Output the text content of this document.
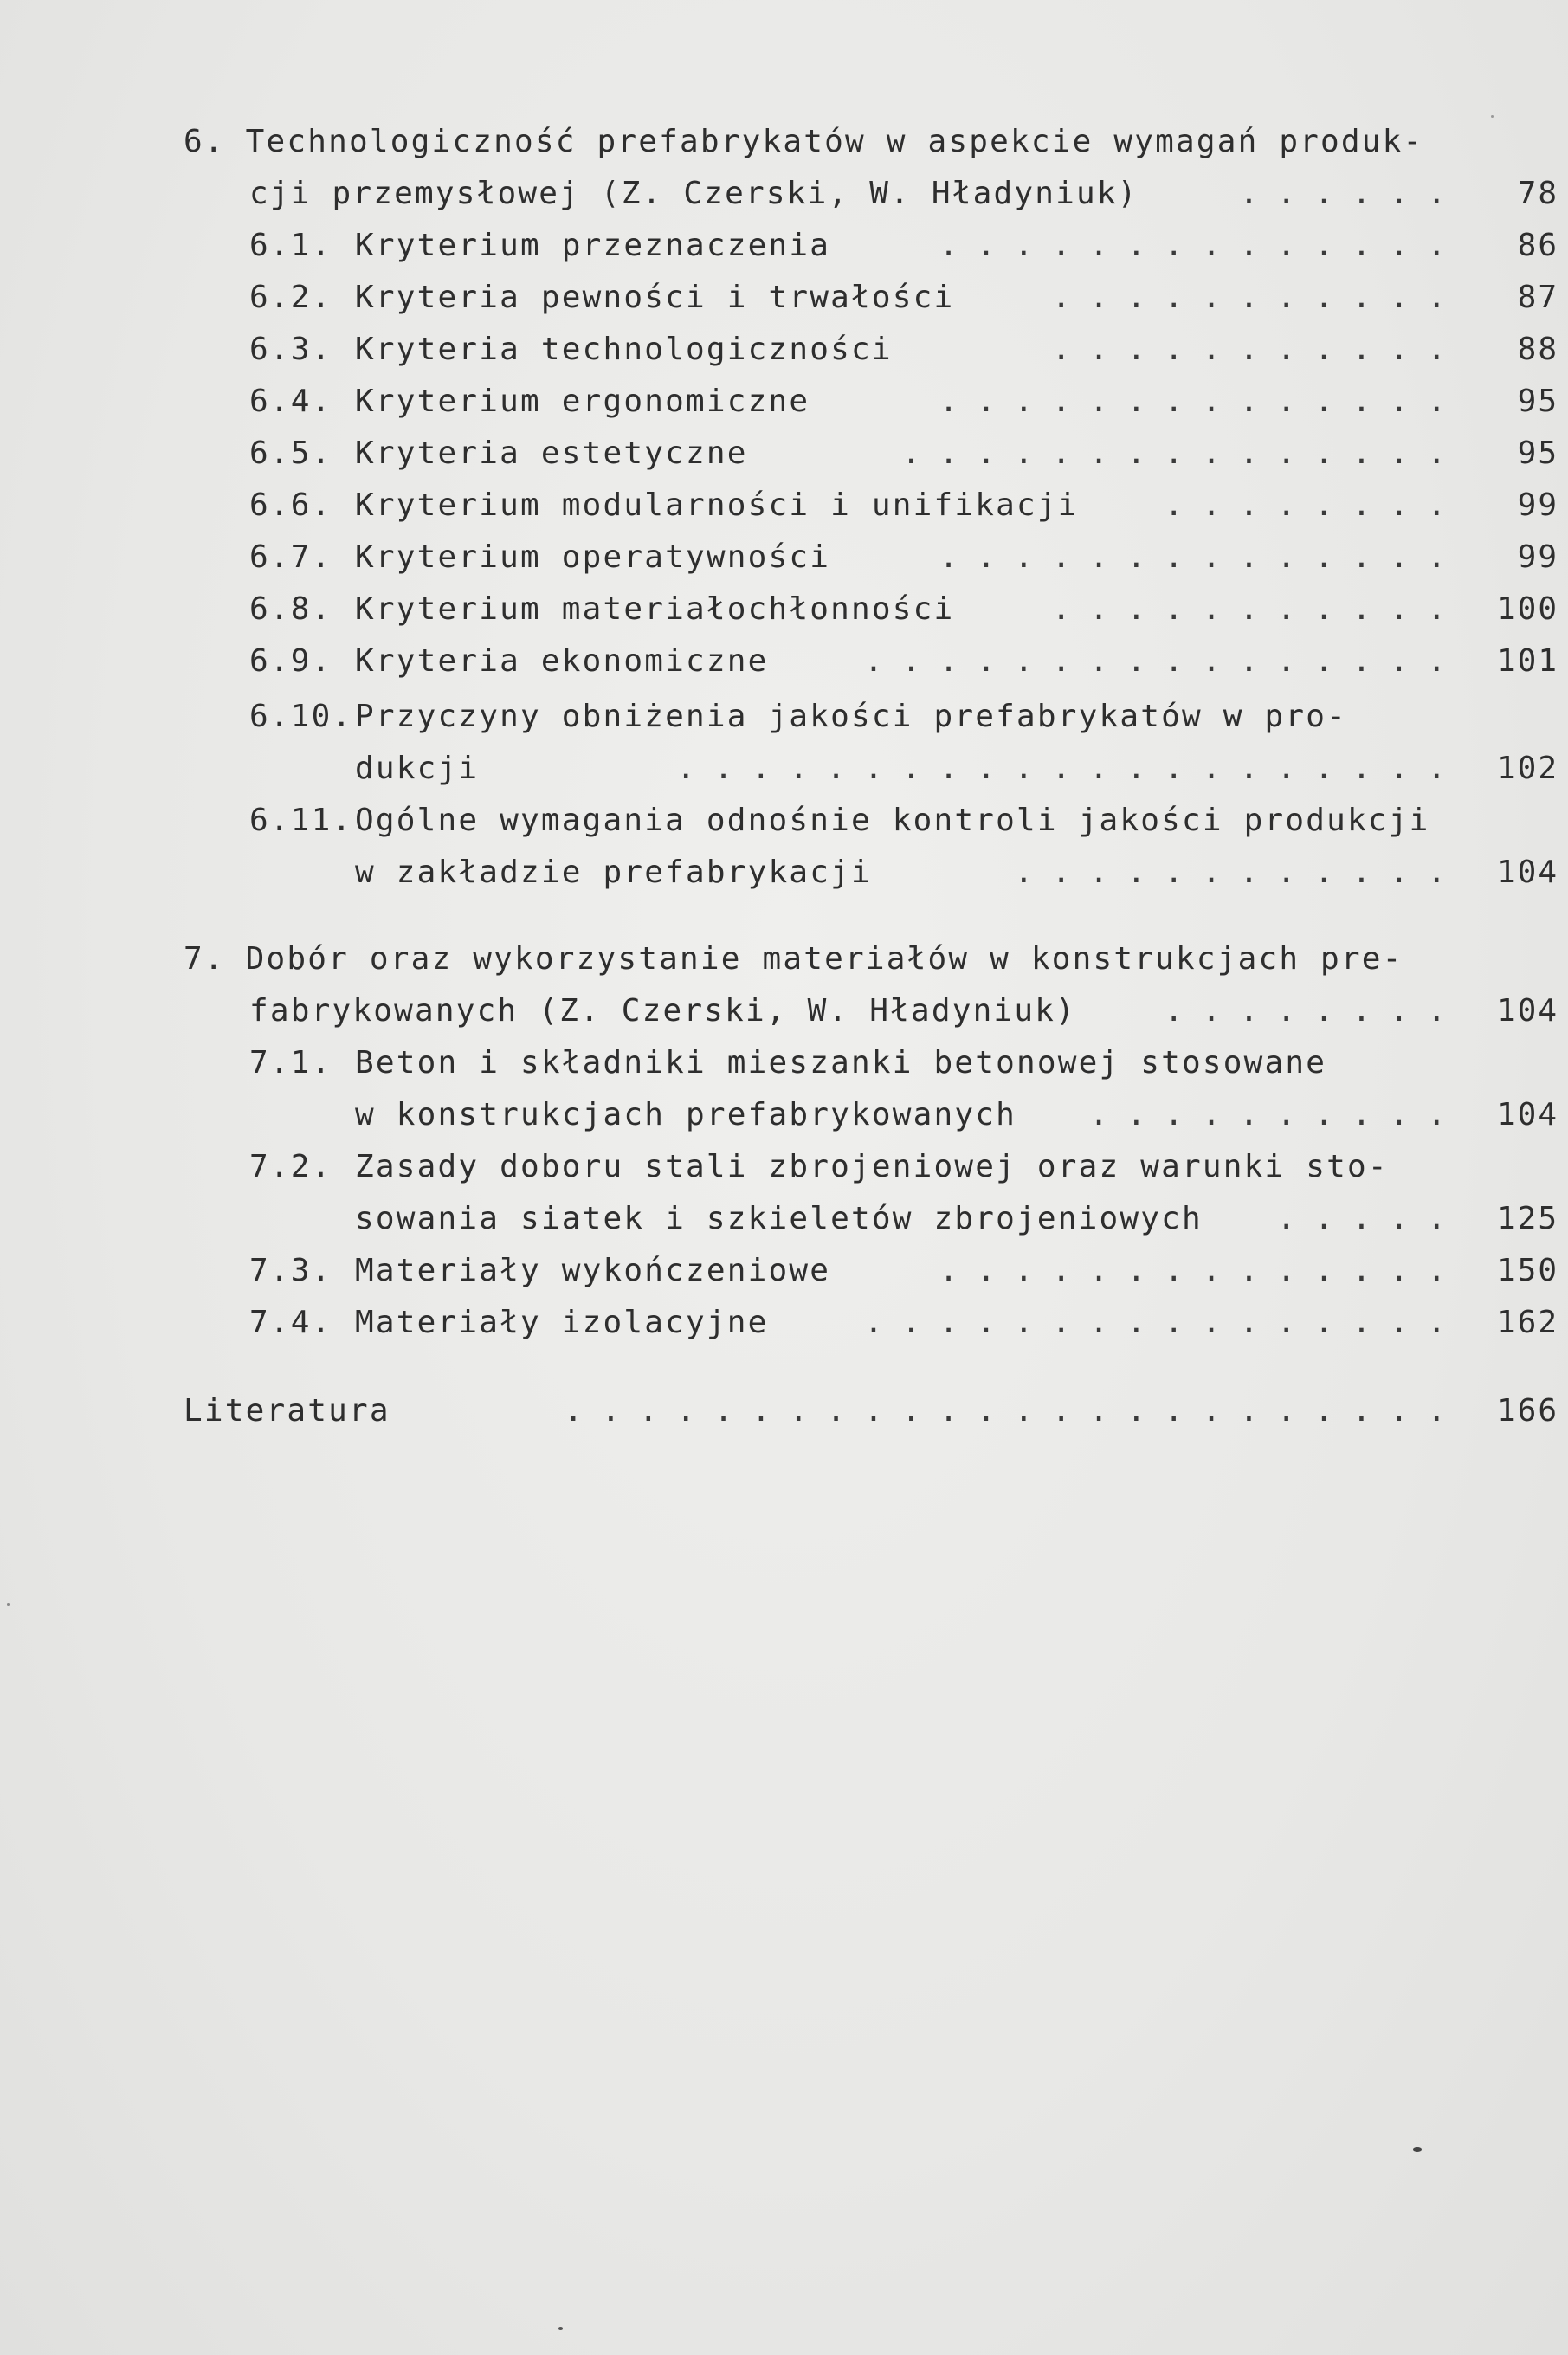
6. Technologiczność prefabrykatów w aspekcie wymagań produk-
cji przemysłowej (Z. Czerski, W. Hładyniuk)	. . . . . .	78
6.1. Kryterium przeznaczenia	. . . . . . . . . . . . . .	86
6.2. Kryteria pewności i trwałości	. . . . . . . . . . .	87
6.3. Kryteria technologiczności	. . . . . . . . . . .	88
6.4. Kryterium ergonomiczne	. . . . . . . . . . . . . .	95
6.5. Kryteria estetyczne	. . . . . . . . . . . . . . .	95
6.6. Kryterium modularności i unifikacji	. . . . . . . .	99
6.7. Kryterium operatywności	. . . . . . . . . . . . . .	99
6.8. Kryterium materiałochłonności	. . . . . . . . . . .	100
6.9. Kryteria ekonomiczne	. . . . . . . . . . . . . . . .	101
6.10. Przyczyny obniżenia jakości prefabrykatów w pro-
dukcji	. . . . . . . . . . . . . . . . . . . . .	102
6.11. Ogólne wymagania odnośnie kontroli jakości produkcji
w zakładzie prefabrykacji	. . . . . . . . . . . .	104
7. Dobór oraz wykorzystanie materiałów w konstrukcjach pre-
fabrykowanych (Z. Czerski, W. Hładyniuk)	. . . . . . . .	104
7.1. Beton i składniki mieszanki betonowej stosowane
w konstrukcjach prefabrykowanych	. . . . . . . . . .	104
7.2. Zasady doboru stali zbrojeniowej oraz warunki sto-
sowania siatek i szkieletów zbrojeniowych	. . . . .	125
7.3. Materiały wykończeniowe	. . . . . . . . . . . . . .	150
7.4. Materiały izolacyjne	. . . . . . . . . . . . . . . .	162
Literatura	. . . . . . . . . . . . . . . . . . . . . . . .	166
